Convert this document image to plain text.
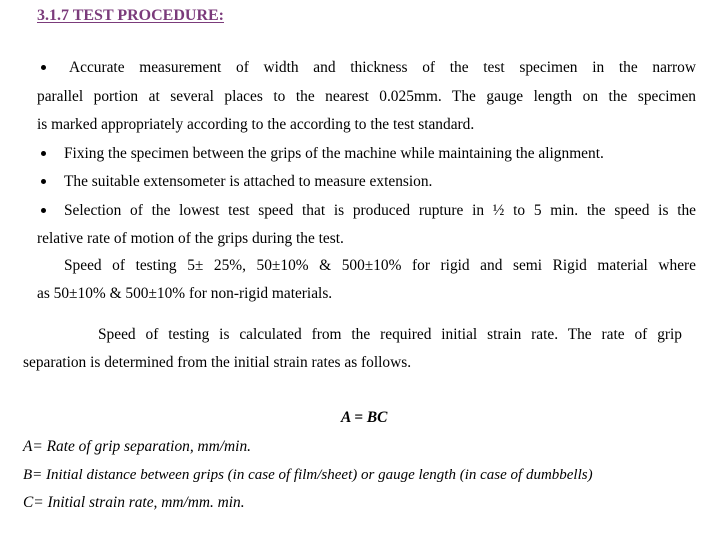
3.1.7 TEST PROCEDURE:
Accurate measurement of width and thickness of the test specimen in the narrow
parallel portion at several places to the nearest 0.025mm. The gauge length on the specimen
is marked appropriately according to the according to the test standard.
Fixing the specimen between the grips of the machine while maintaining the alignment.
The suitable extensometer is attached to measure extension.
Selection of the lowest test speed that is produced rupture in ½ to 5 min. the speed is the
relative rate of motion of the grips during the test.
Speed of testing 5± 25%, 50±10% & 500±10% for rigid and semi Rigid material where
as 50±10% & 500±10% for non-rigid materials.
Speed of testing is calculated from the required initial strain rate. The rate of grip
separation is determined from the initial strain rates as follows.
A = BC
A= Rate of grip separation, mm/min.
B= Initial distance between grips (in case of film/sheet) or gauge length (in case of dumbbells)
C= Initial strain rate, mm/mm. min.
